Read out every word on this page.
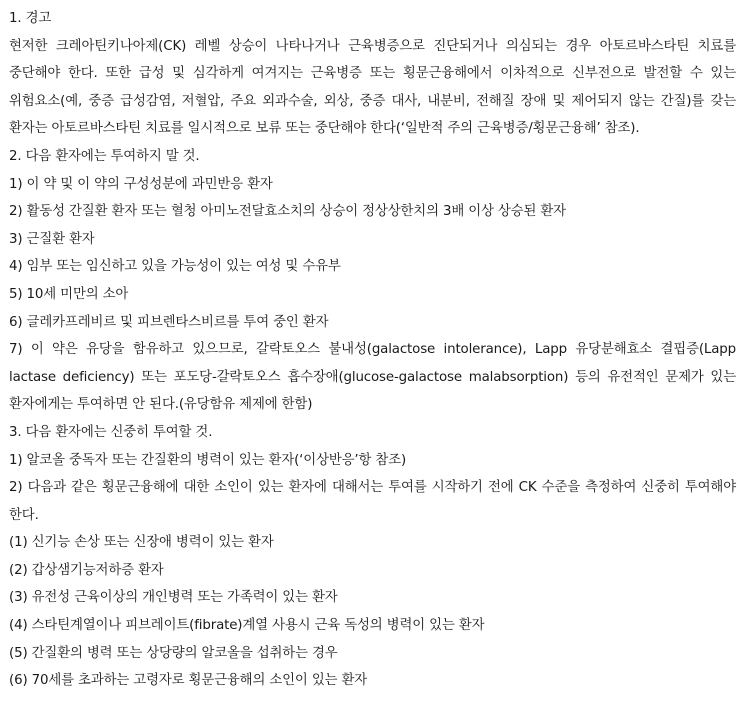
1. 경고

현저한 크레아틴키나아제(CK) 레벨 상승이 나타나거나 근육병증으로 진단되거나 의심되는 경우 아토르바스타틴 치료를 중단해야 한다. 또한 급성 및 심각하게 여겨지는 근육병증 또는 횡문근융해에서 이차적으로 신부전으로 발전할 수 있는 위험요소(예, 중증 급성감염, 저혈압, 주요 외과수술, 외상, 중증 대사, 내분비, 전해질 장애 및 제어되지 않는 간질)를 갖는 환자는 아토르바스타틴 치료를 일시적으로 보류 또는 중단해야 한다(‘일반적 주의 근육병증/횡문근융해’ 참조).

2. 다음 환자에는 투여하지 말 것.

1) 이 약 및 이 약의 구성성분에 과민반응 환자

2) 활동성 간질환 환자 또는 혈청 아미노전달효소치의 상승이 정상상한치의 3배 이상 상승된 환자

3) 근질환 환자

4) 임부 또는 임신하고 있을 가능성이 있는 여성 및 수유부

5) 10세 미만의 소아

6) 글레카프레비르 및 피브렌타스비르를 투여 중인 환자

7) 이 약은 유당을 함유하고 있으므로, 갈락토오스 불내성(galactose intolerance), Lapp 유당분해효소 결핍증(Lapp lactase deficiency) 또는 포도당-갈락토오스 흡수장애(glucose-galactose malabsorption) 등의 유전적인 문제가 있는 환자에게는 투여하면 안 된다.(유당함유 제제에 한함)

3. 다음 환자에는 신중히 투여할 것.

1) 알코올 중독자 또는 간질환의 병력이 있는 환자(‘이상반응’항 참조)

2) 다음과 같은 횡문근융해에 대한 소인이 있는 환자에 대해서는 투여를 시작하기 전에 CK 수준을 측정하여 신중히 투여해야 한다.

(1) 신기능 손상 또는 신장애 병력이 있는 환자

(2) 갑상샘기능저하증 환자

(3) 유전성 근육이상의 개인병력 또는 가족력이 있는 환자

(4) 스타틴계열이나 피브레이트(fibrate)계열 사용시 근육 독성의 병력이 있는 환자

(5) 간질환의 병력 또는 상당량의 알코올을 섭취하는 경우

(6) 70세를 초과하는 고령자로 횡문근융해의 소인이 있는 환자
